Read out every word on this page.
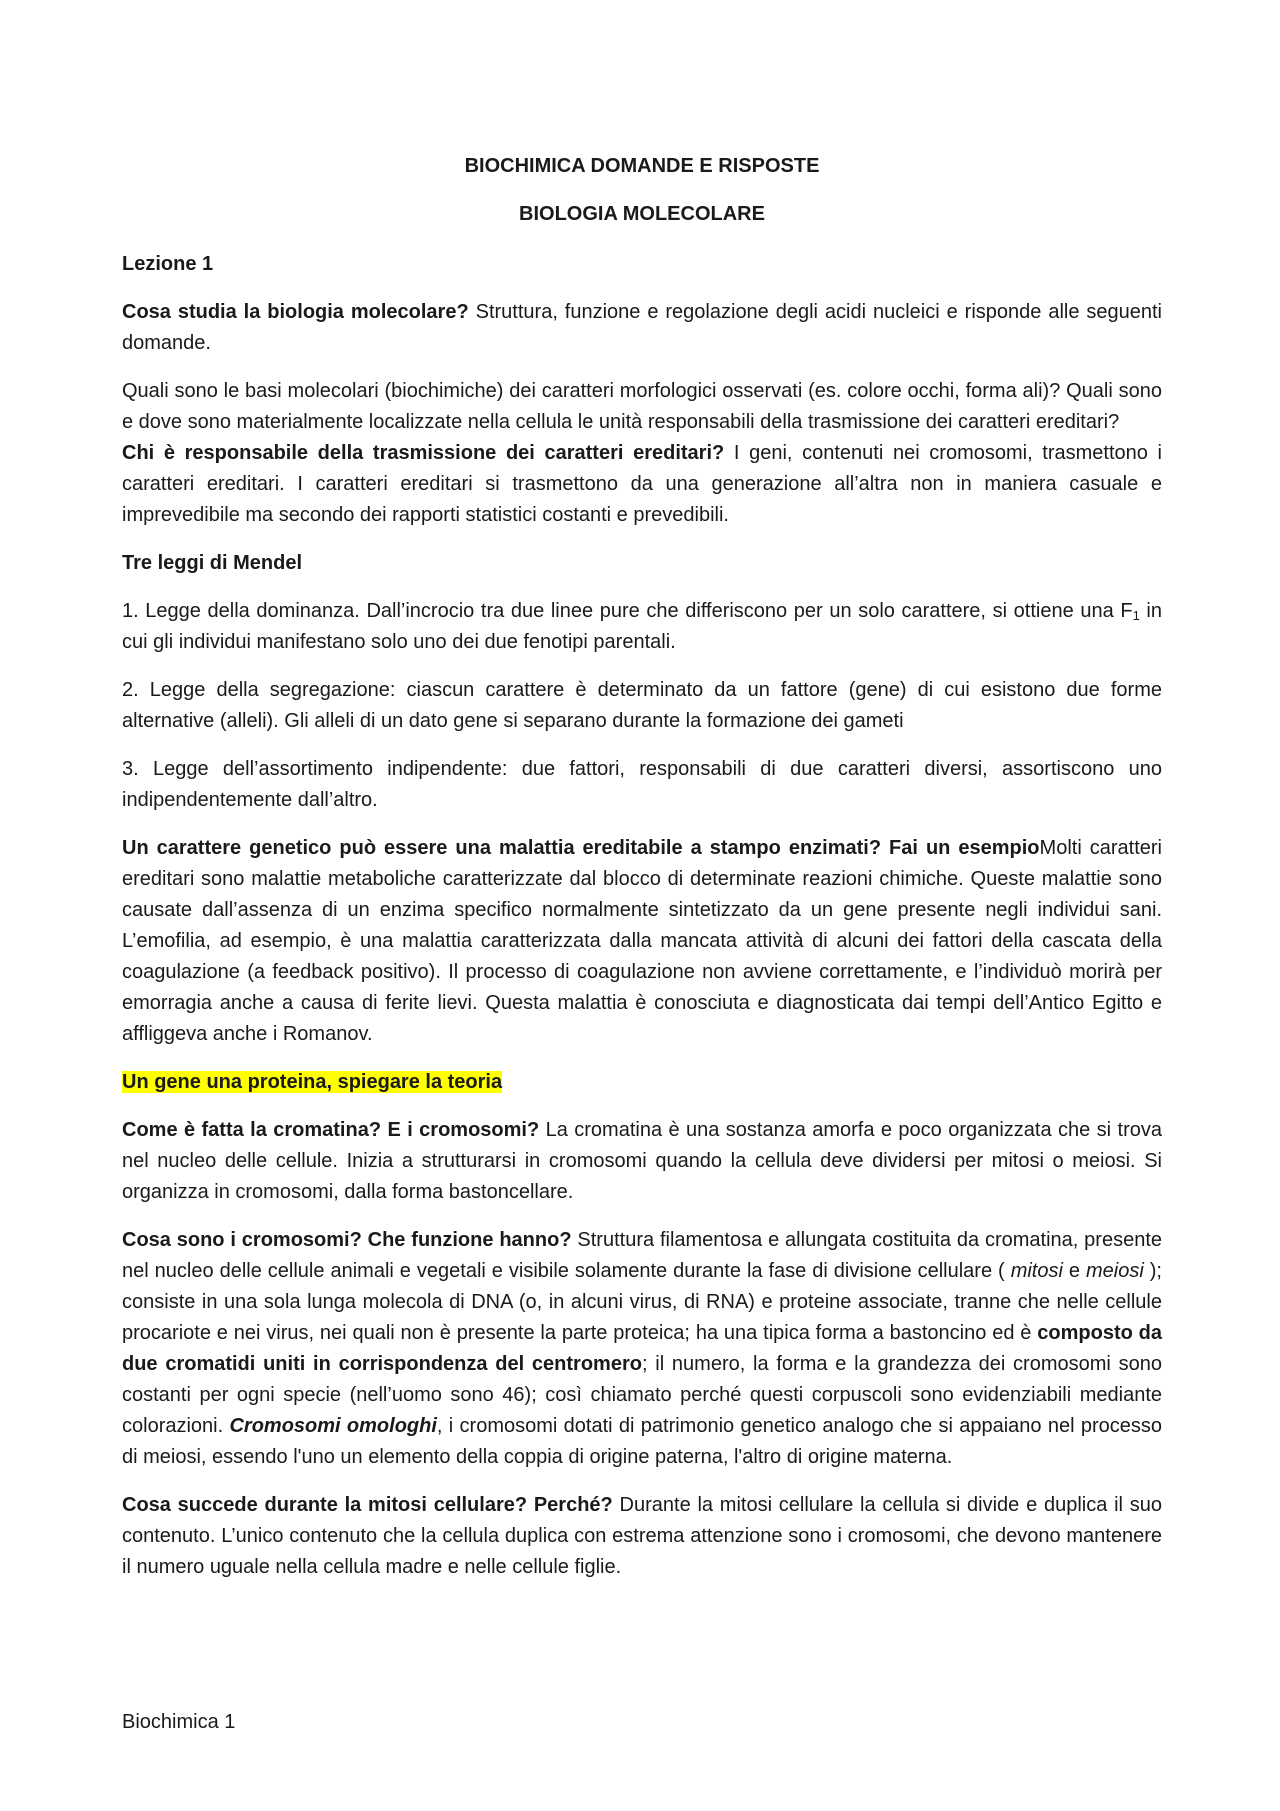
BIOCHIMICA DOMANDE E RISPOSTE

BIOLOGIA MOLECOLARE

Lezione 1

Cosa studia la biologia molecolare? Struttura, funzione e regolazione degli acidi nucleici e risponde alle seguenti domande.

Quali sono le basi molecolari (biochimiche) dei caratteri morfologici osservati (es. colore occhi, forma ali)? Quali sono e dove sono materialmente localizzate nella cellula le unità responsabili della trasmissione dei caratteri ereditari?

Chi è responsabile della trasmissione dei caratteri ereditari? I geni, contenuti nei cromosomi, trasmettono i caratteri ereditari. I caratteri ereditari si trasmettono da una generazione all’altra non in maniera casuale e imprevedibile ma secondo dei rapporti statistici costanti e prevedibili.

Tre leggi di Mendel

1. Legge della dominanza. Dall’incrocio tra due linee pure che differiscono per un solo carattere, si ottiene una $F_1$ in cui gli individui manifestano solo uno dei due fenotipi parentali.

2. Legge della segregazione: ciascun carattere è determinato da un fattore (gene) di cui esistono due forme alternative (alleli). Gli alleli di un dato gene si separano durante la formazione dei gameti

3. Legge dell’assortimento indipendente: due fattori, responsabili di due caratteri diversi, assortiscono uno indipendentemente dall’altro.

Un carattere genetico può essere una malattia ereditabile a stampo enzimati? Fai un esempioMolti caratteri ereditari sono malattie metaboliche caratterizzate dal blocco di determinate reazioni chimiche. Queste malattie sono causate dall’assenza di un enzima specifico normalmente sintetizzato da un gene presente negli individui sani. L’emofilia, ad esempio, è una malattia caratterizzata dalla mancata attività di alcuni dei fattori della cascata della coagulazione (a feedback positivo). Il processo di coagulazione non avviene correttamente, e l’individuò morirà per emorragia anche a causa di ferite lievi. Questa malattia è conosciuta e diagnosticata dai tempi dell’Antico Egitto e affliggeva anche i Romanov.

Un gene una proteina, spiegare la teoria

Come è fatta la cromatina? E i cromosomi? La cromatina è una sostanza amorfa e poco organizzata che si trova nel nucleo delle cellule. Inizia a strutturarsi in cromosomi quando la cellula deve dividersi per mitosi o meiosi. Si organizza in cromosomi, dalla forma bastoncellare.

Cosa sono i cromosomi? Che funzione hanno? Struttura filamentosa e allungata costituita da cromatina, presente nel nucleo delle cellule animali e vegetali e visibile solamente durante la fase di divisione cellulare ( mitosi e meiosi ); consiste in una sola lunga molecola di DNA (o, in alcuni virus, di RNA) e proteine associate, tranne che nelle cellule procariote e nei virus, nei quali non è presente la parte proteica; ha una tipica forma a bastoncino ed è composto da due cromatidi uniti in corrispondenza del centromero; il numero, la forma e la grandezza dei cromosomi sono costanti per ogni specie (nell’uomo sono 46); così chiamato perché questi corpuscoli sono evidenziabili mediante colorazioni. Cromosomi omologhi, i cromosomi dotati di patrimonio genetico analogo che si appaiano nel processo di meiosi, essendo l'uno un elemento della coppia di origine paterna, l'altro di origine materna.

Cosa succede durante la mitosi cellulare? Perché? Durante la mitosi cellulare la cellula si divide e duplica il suo contenuto. L’unico contenuto che la cellula duplica con estrema attenzione sono i cromosomi, che devono mantenere il numero uguale nella cellula madre e nelle cellule figlie.

Biochimica 1
